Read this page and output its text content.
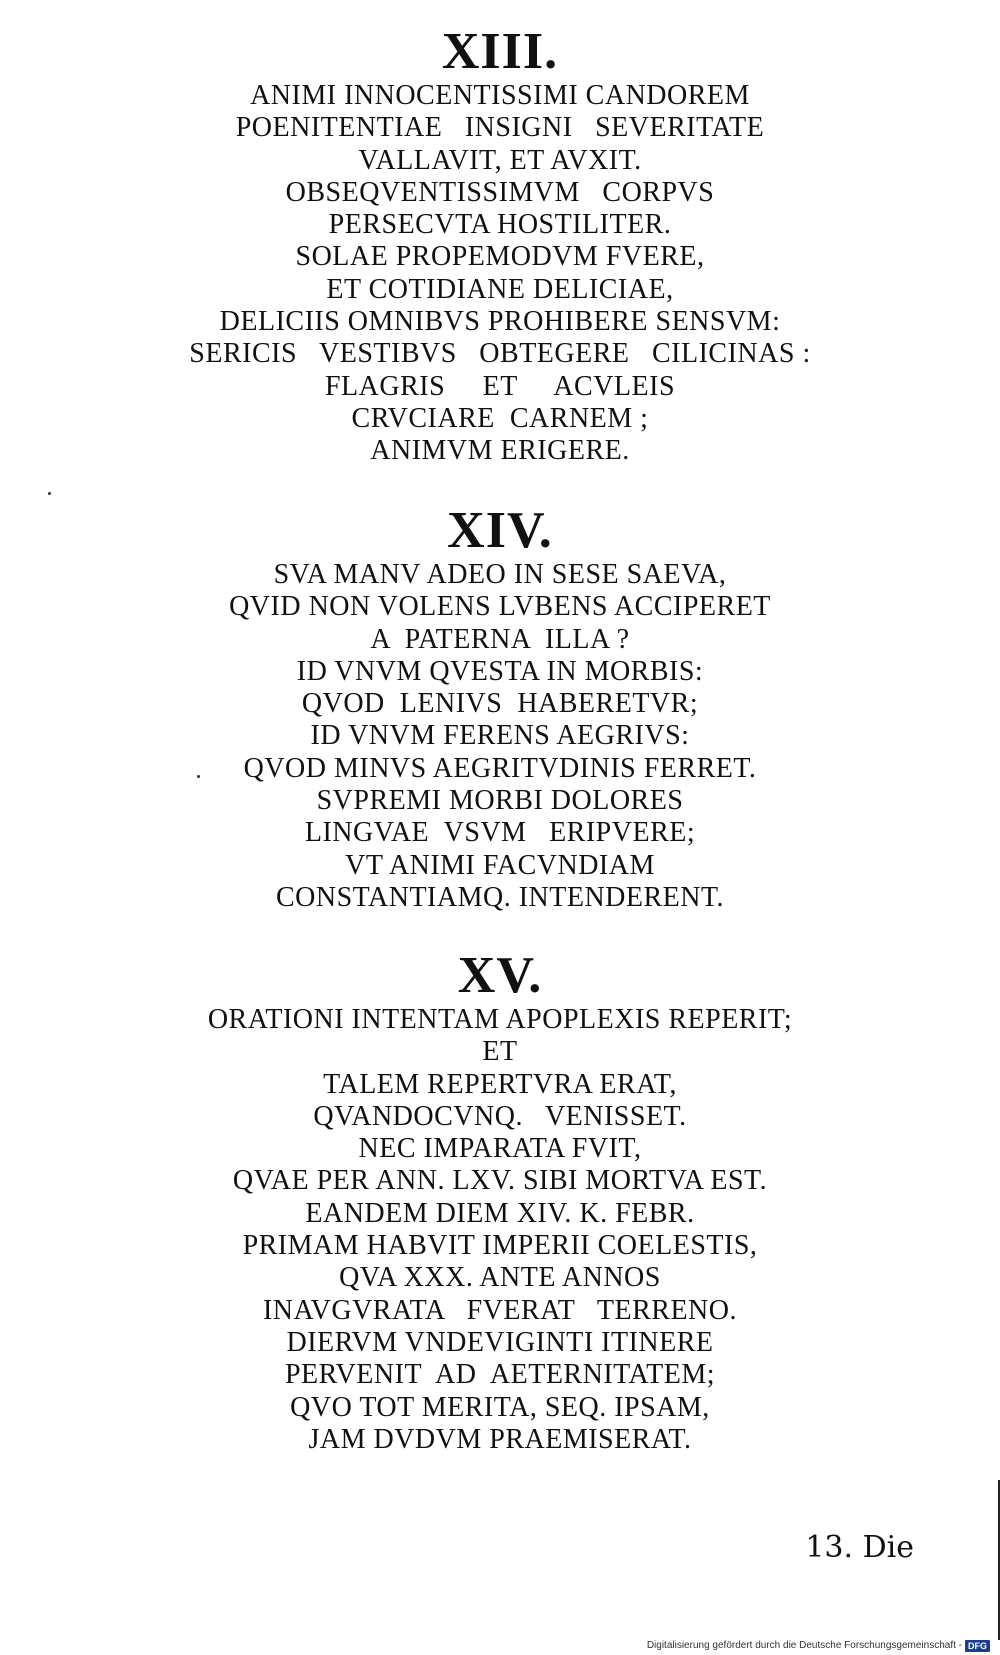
XIII.
ANIMI INNOCENTISSIMI CANDOREM
POENITENTIAE   INSIGNI   SEVERITATE
VALLAVIT, ET AVXIT.
OBSEQVENTISSIMVM   CORPVS
PERSECVTA HOSTILITER.
SOLAE PROPEMODVM FVERE,
ET COTIDIANE DELICIAE,
DELICIIS OMNIBVS PROHIBERE SENSVM:
SERICIS   VESTIBVS   OBTEGERE   CILICINAS :
FLAGRIS     ET     ACVLEIS
CRVCIARE  CARNEM ;
ANIMVM ERIGERE.
XIV.
SVA MANV ADEO IN SESE SAEVA,
QVID NON VOLENS LVBENS ACCIPERET
A  PATERNA  ILLA ?
ID VNVM QVESTA IN MORBIS:
QVOD  LENIVS  HABERETVR;
ID VNVM FERENS AEGRIVS:
QVOD MINVS AEGRITVDINIS FERRET.
SVPREMI MORBI DOLORES
LINGVAE  VSVM   ERIPVERE;
VT ANIMI FACVNDIAM
CONSTANTIAMQ. INTENDERENT.
XV.
ORATIONI INTENTAM APOPLEXIS REPERIT;
ET
TALEM REPERTVRA ERAT,
QVANDOCVNQ.   VENISSET.
NEC IMPARATA FVIT,
QVAE PER ANN. LXV. SIBI MORTVA EST.
EANDEM DIEM XIV. K. FEBR.
PRIMAM HABVIT IMPERII COELESTIS,
QVA XXX. ANTE ANNOS
INAVGVRATA   FVERAT   TERRENO.
DIERVM VNDEVIGINTI ITINERE
PERVENIT  AD  AETERNITATEM;
QVO TOT MERITA, SEQ. IPSAM,
JAM DVDVM PRAEMISERAT.
13. Die
Digitalisierung gefördert durch die Deutsche Forschungsgemeinschaft - DFG
